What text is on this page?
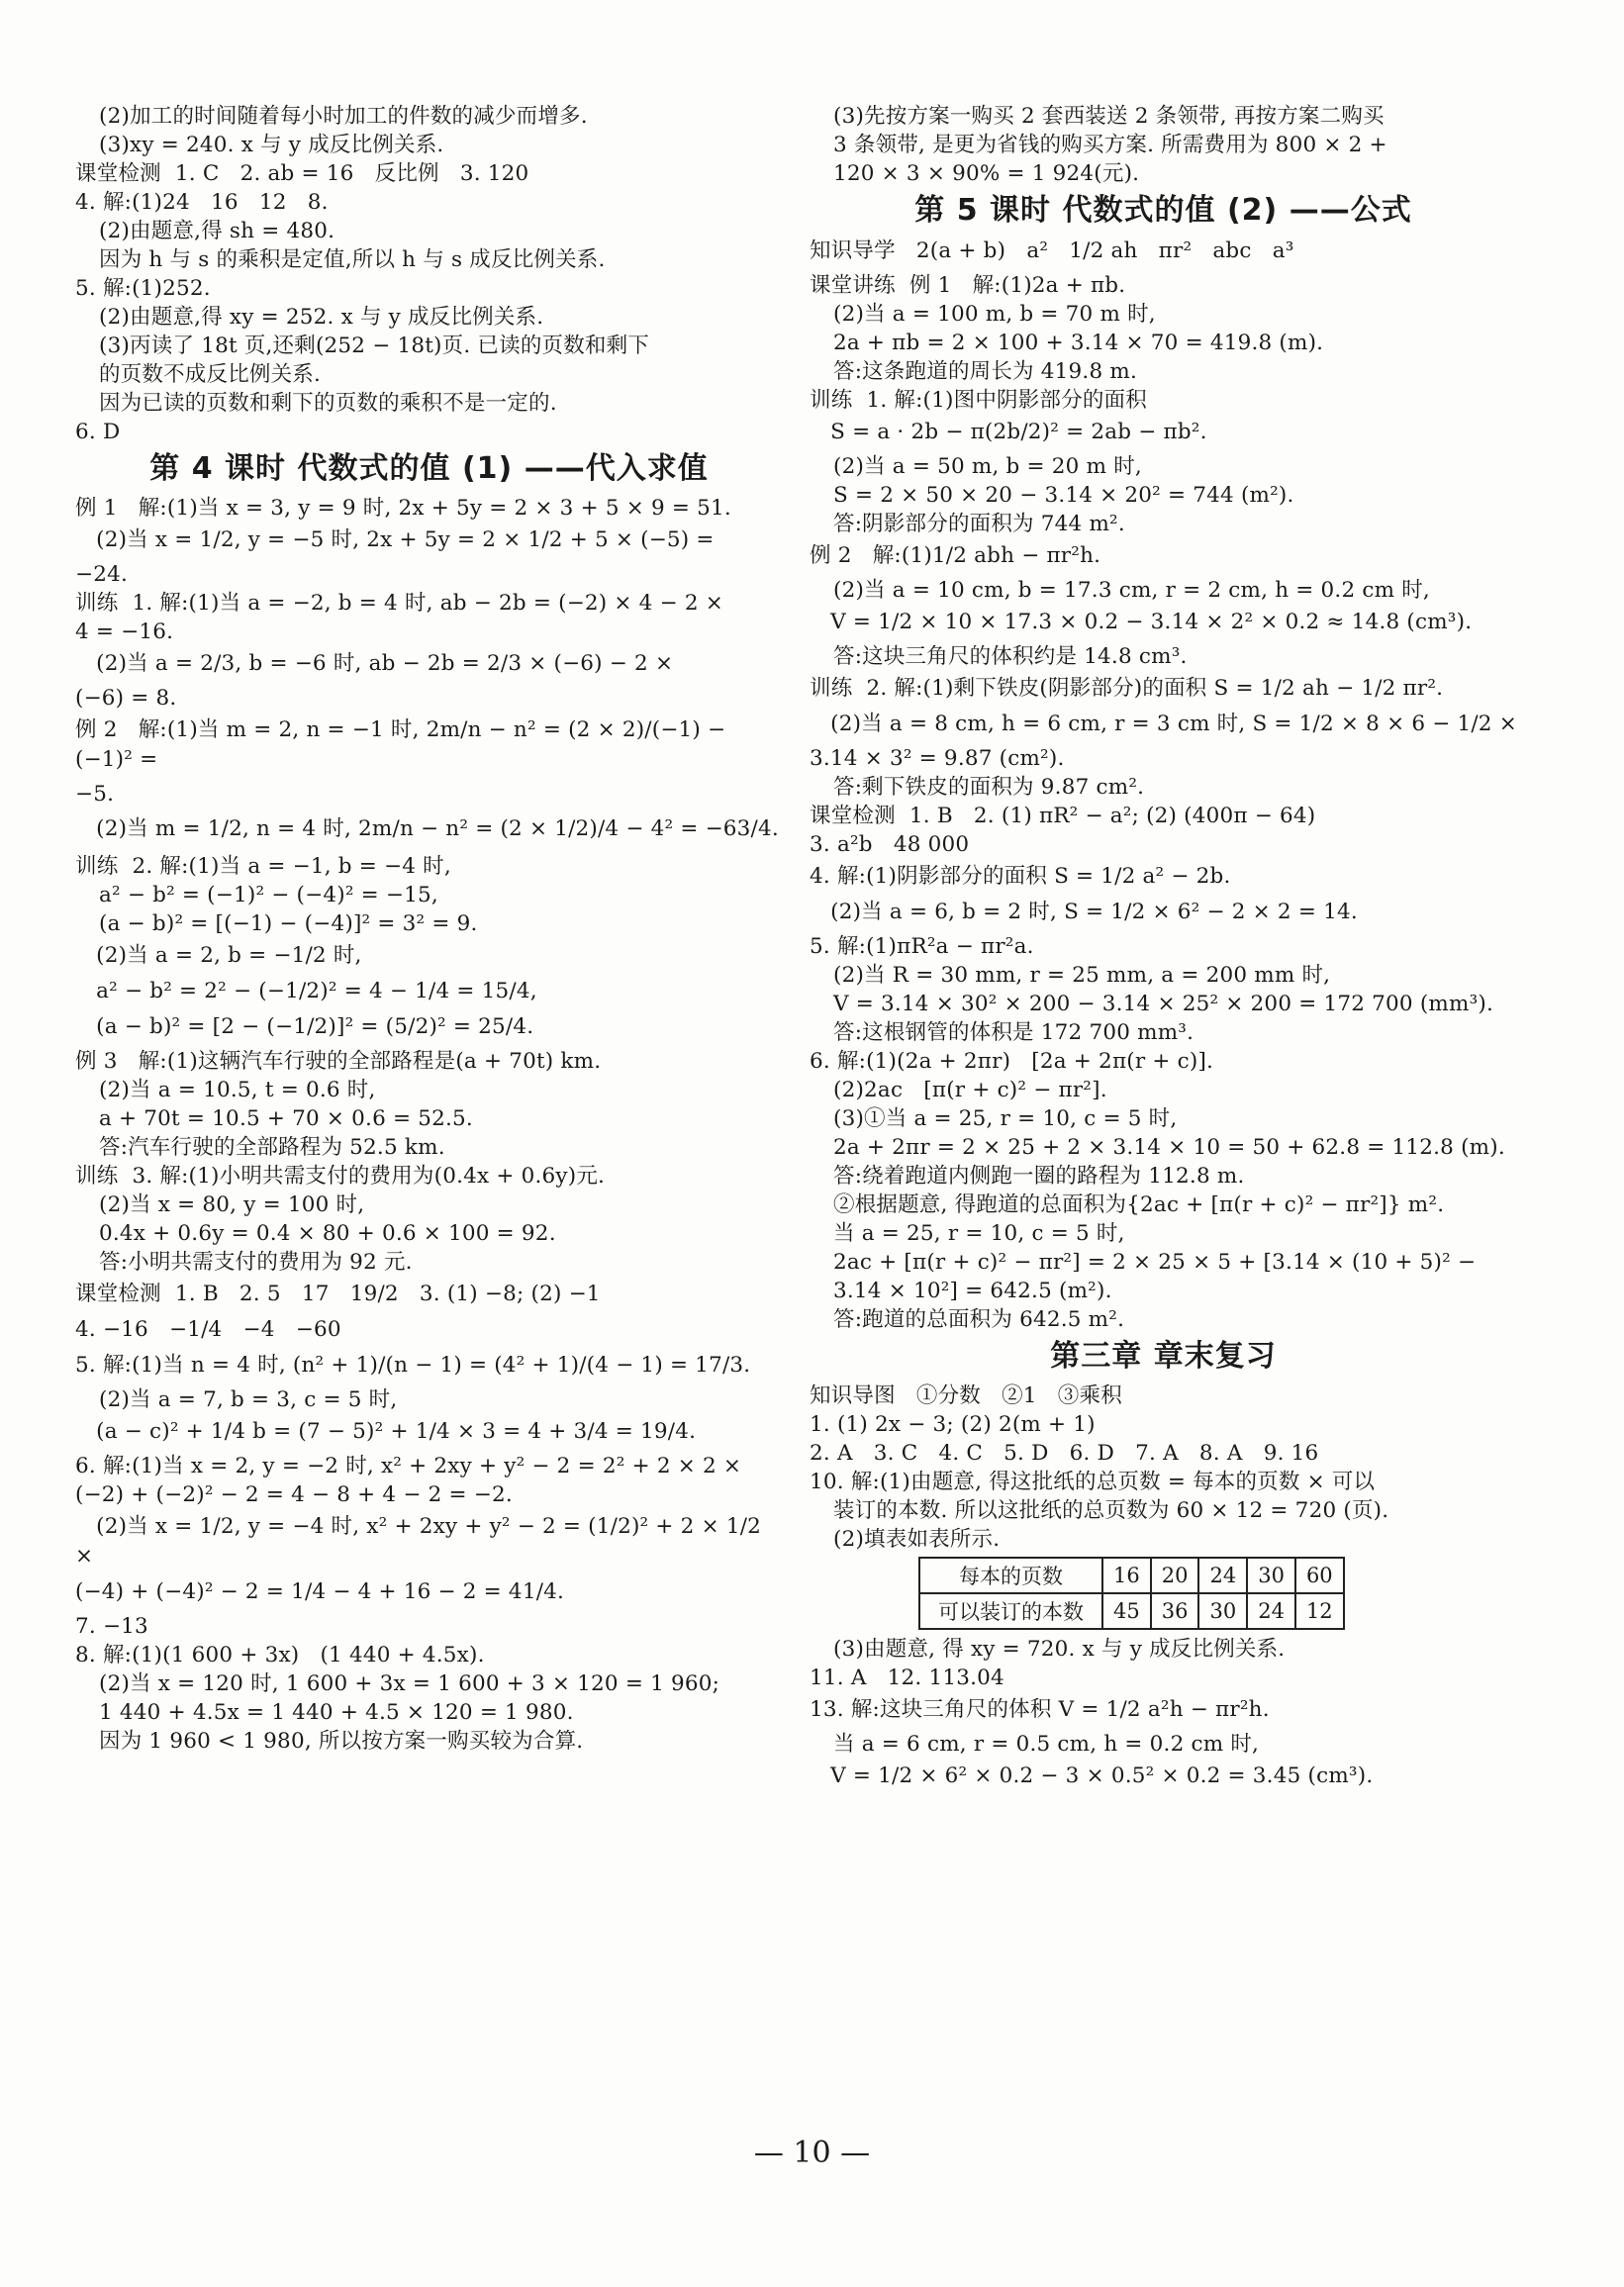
(2)加工的时间随着每小时加工的件数的减少而增多.
(3)xy = 240. x 与 y 成反比例关系.
课堂检测  1. C   2. ab = 16   反比例   3. 120
4. 解:(1)24   16   12   8.
(2)由题意,得 sh = 480.
因为 h 与 s 的乘积是定值,所以 h 与 s 成反比例关系.
5. 解:(1)252.
(2)由题意,得 xy = 252. x 与 y 成反比例关系.
(3)丙读了 18t 页,还剩(252 − 18t)页. 已读的页数和剩下
的页数不成反比例关系.
因为已读的页数和剩下的页数的乘积不是一定的.
6. D
第 4 课时 代数式的值 (1) ——代入求值
例 1   解:(1)当 x = 3, y = 9 时, 2x + 5y = 2 × 3 + 5 × 9 = 51.
(2)当 x = 1/2, y = −5 时, 2x + 5y = 2 × 1/2 + 5 × (−5) =
−24.
训练  1. 解:(1)当 a = −2, b = 4 时, ab − 2b = (−2) × 4 − 2 ×
4 = −16.
(2)当 a = 2/3, b = −6 时, ab − 2b = 2/3 × (−6) − 2 ×
(−6) = 8.
例 2   解:(1)当 m = 2, n = −1 时, 2m/n − n² = (2 × 2)/(−1) − (−1)² =
−5.
(2)当 m = 1/2, n = 4 时, 2m/n − n² = (2 × 1/2)/4 − 4² = −63/4.
训练  2. 解:(1)当 a = −1, b = −4 时,
a² − b² = (−1)² − (−4)² = −15,
(a − b)² = [(−1) − (−4)]² = 3² = 9.
(2)当 a = 2, b = −1/2 时,
a² − b² = 2² − (−1/2)² = 4 − 1/4 = 15/4,
(a − b)² = [2 − (−1/2)]² = (5/2)² = 25/4.
例 3   解:(1)这辆汽车行驶的全部路程是(a + 70t) km.
(2)当 a = 10.5, t = 0.6 时,
a + 70t = 10.5 + 70 × 0.6 = 52.5.
答:汽车行驶的全部路程为 52.5 km.
训练  3. 解:(1)小明共需支付的费用为(0.4x + 0.6y)元.
(2)当 x = 80, y = 100 时,
0.4x + 0.6y = 0.4 × 80 + 0.6 × 100 = 92.
答:小明共需支付的费用为 92 元.
课堂检测  1. B   2. 5   17   19/2   3. (1) −8; (2) −1
4. −16   −1/4   −4   −60
5. 解:(1)当 n = 4 时, (n² + 1)/(n − 1) = (4² + 1)/(4 − 1) = 17/3.
(2)当 a = 7, b = 3, c = 5 时,
(a − c)² + 1/4 b = (7 − 5)² + 1/4 × 3 = 4 + 3/4 = 19/4.
6. 解:(1)当 x = 2, y = −2 时, x² + 2xy + y² − 2 = 2² + 2 × 2 ×
(−2) + (−2)² − 2 = 4 − 8 + 4 − 2 = −2.
(2)当 x = 1/2, y = −4 时, x² + 2xy + y² − 2 = (1/2)² + 2 × 1/2 ×
(−4) + (−4)² − 2 = 1/4 − 4 + 16 − 2 = 41/4.
7. −13
8. 解:(1)(1 600 + 3x)   (1 440 + 4.5x).
(2)当 x = 120 时, 1 600 + 3x = 1 600 + 3 × 120 = 1 960;
1 440 + 4.5x = 1 440 + 4.5 × 120 = 1 980.
因为 1 960 < 1 980, 所以按方案一购买较为合算.
(3)先按方案一购买 2 套西装送 2 条领带, 再按方案二购买
3 条领带, 是更为省钱的购买方案. 所需费用为 800 × 2 +
120 × 3 × 90% = 1 924(元).
第 5 课时 代数式的值 (2) ——公式
知识导学   2(a + b)   a²   1/2 ah   πr²   abc   a³
课堂讲练  例 1   解:(1)2a + πb.
(2)当 a = 100 m, b = 70 m 时,
2a + πb = 2 × 100 + 3.14 × 70 = 419.8 (m).
答:这条跑道的周长为 419.8 m.
训练  1. 解:(1)图中阴影部分的面积
S = a · 2b − π(2b/2)² = 2ab − πb².
(2)当 a = 50 m, b = 20 m 时,
S = 2 × 50 × 20 − 3.14 × 20² = 744 (m²).
答:阴影部分的面积为 744 m².
例 2   解:(1)1/2 abh − πr²h.
(2)当 a = 10 cm, b = 17.3 cm, r = 2 cm, h = 0.2 cm 时,
V = 1/2 × 10 × 17.3 × 0.2 − 3.14 × 2² × 0.2 ≈ 14.8 (cm³).
答:这块三角尺的体积约是 14.8 cm³.
训练  2. 解:(1)剩下铁皮(阴影部分)的面积 S = 1/2 ah − 1/2 πr².
(2)当 a = 8 cm, h = 6 cm, r = 3 cm 时, S = 1/2 × 8 × 6 − 1/2 ×
3.14 × 3² = 9.87 (cm²).
答:剩下铁皮的面积为 9.87 cm².
课堂检测  1. B   2. (1) πR² − a²; (2) (400π − 64)
3. a²b   48 000
4. 解:(1)阴影部分的面积 S = 1/2 a² − 2b.
(2)当 a = 6, b = 2 时, S = 1/2 × 6² − 2 × 2 = 14.
5. 解:(1)πR²a − πr²a.
(2)当 R = 30 mm, r = 25 mm, a = 200 mm 时,
V = 3.14 × 30² × 200 − 3.14 × 25² × 200 = 172 700 (mm³).
答:这根钢管的体积是 172 700 mm³.
6. 解:(1)(2a + 2πr)   [2a + 2π(r + c)].
(2)2ac   [π(r + c)² − πr²].
(3)①当 a = 25, r = 10, c = 5 时,
2a + 2πr = 2 × 25 + 2 × 3.14 × 10 = 50 + 62.8 = 112.8 (m).
答:绕着跑道内侧跑一圈的路程为 112.8 m.
②根据题意, 得跑道的总面积为{2ac + [π(r + c)² − πr²]} m².
当 a = 25, r = 10, c = 5 时,
2ac + [π(r + c)² − πr²] = 2 × 25 × 5 + [3.14 × (10 + 5)² −
3.14 × 10²] = 642.5 (m²).
答:跑道的总面积为 642.5 m².
第三章 章末复习
知识导图   ①分数   ②1   ③乘积
1. (1) 2x − 3; (2) 2(m + 1)
2. A   3. C   4. C   5. D   6. D   7. A   8. A   9. 16
10. 解:(1)由题意, 得这批纸的总页数 = 每本的页数 × 可以
装订的本数. 所以这批纸的总页数为 60 × 12 = 720 (页).
(2)填表如表所示.
每本的页数	16	20	24	30	60
可以装订的本数	45	36	30	24	12
(3)由题意, 得 xy = 720. x 与 y 成反比例关系.
11. A   12. 113.04
13. 解:这块三角尺的体积 V = 1/2 a²h − πr²h.
当 a = 6 cm, r = 0.5 cm, h = 0.2 cm 时,
V = 1/2 × 6² × 0.2 − 3 × 0.5² × 0.2 = 3.45 (cm³).
— 10 —
